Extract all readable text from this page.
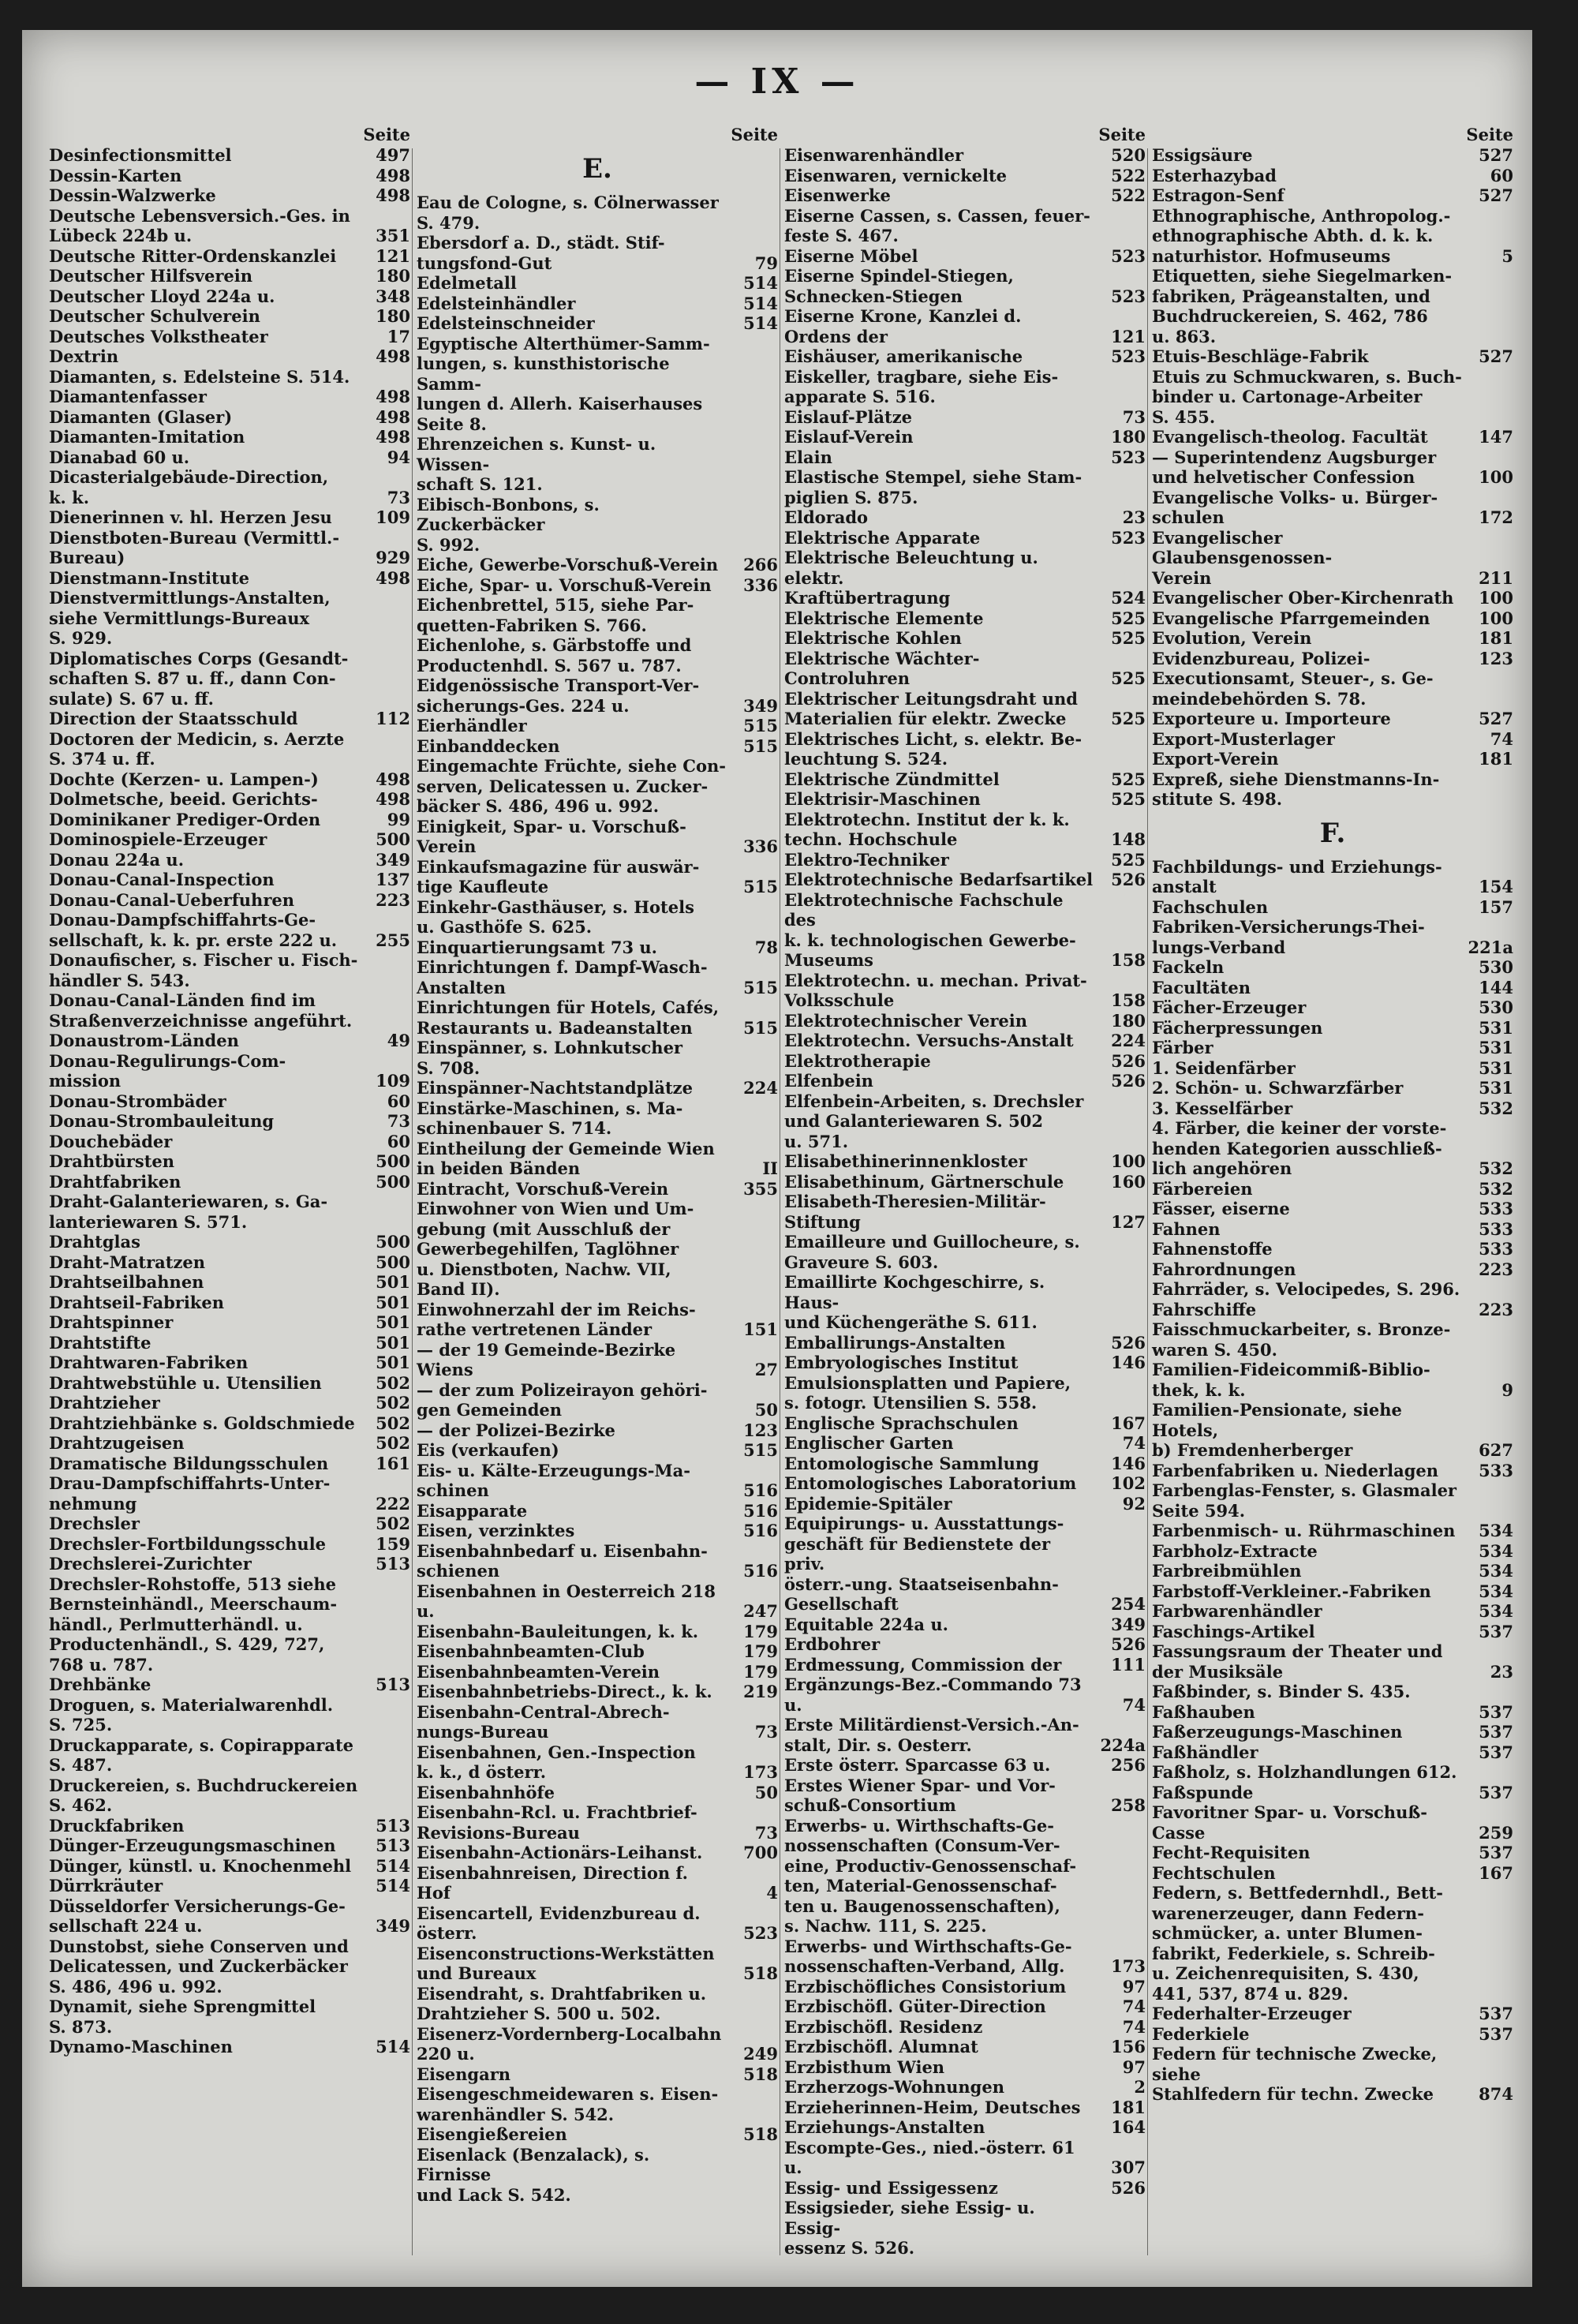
— IX —
Seite
Desinfectionsmittel	497
Dessin-Karten	498
Dessin-Walzwerke	498
Deutsche Lebensversich.-Ges. in
Lübeck 224b u.	351
Deutsche Ritter-Ordenskanzlei	121
Deutscher Hilfsverein	180
Deutscher Lloyd 224a u.	348
Deutscher Schulverein	180
Deutsches Volkstheater	17
Dextrin	498
Diamanten, s. Edelsteine S. 514.
Diamantenfasser	498
Diamanten (Glaser)	498
Diamanten-Imitation	498
Dianabad 60 u.	94
Dicasterialgebäude-Direction,
k. k.	73
Dienerinnen v. hl. Herzen Jesu	109
Dienstboten-Bureau (Vermittl.-
Bureau)	929
Dienstmann-Institute	498
Dienstvermittlungs-Anstalten,
siehe Vermittlungs-Bureaux
S. 929.
Diplomatisches Corps (Gesandt-
schaften S. 87 u. ff., dann Con-
sulate) S. 67 u. ff.
Direction der Staatsschuld	112
Doctoren der Medicin, s. Aerzte
S. 374 u. ff.
Dochte (Kerzen- u. Lampen-)	498
Dolmetsche, beeid. Gerichts-	498
Dominikaner Prediger-Orden	99
Dominospiele-Erzeuger	500
Donau 224a u.	349
Donau-Canal-Inspection	137
Donau-Canal-Ueberfuhren	223
Donau-Dampfschiffahrts-Ge-
sellschaft, k. k. pr. erste 222 u.	255
Donaufischer, s. Fischer u. Fisch-
händler S. 543.
Donau-Canal-Länden find im
Straßenverzeichnisse angeführt.
Donaustrom-Länden	49
Donau-Regulirungs-Com-
mission	109
Donau-Strombäder	60
Donau-Strombauleitung	73
Douchebäder	60
Drahtbürsten	500
Drahtfabriken	500
Draht-Galanteriewaren, s. Ga-
lanteriewaren S. 571.
Drahtglas	500
Draht-Matratzen	500
Drahtseilbahnen	501
Drahtseil-Fabriken	501
Drahtspinner	501
Drahtstifte	501
Drahtwaren-Fabriken	501
Drahtwebstühle u. Utensilien	502
Drahtzieher	502
Drahtziehbänke s. Goldschmiede	502
Drahtzugeisen	502
Dramatische Bildungsschulen	161
Drau-Dampfschiffahrts-Unter-
nehmung	222
Drechsler	502
Drechsler-Fortbildungsschule	159
Drechslerei-Zurichter	513
Drechsler-Rohstoffe, 513 siehe
Bernsteinhändl., Meerschaum-
händl., Perlmutterhändl. u.
Productenhändl., S. 429, 727,
768 u. 787.
Drehbänke	513
Droguen, s. Materialwarenhdl.
S. 725.
Druckapparate, s. Copirapparate
S. 487.
Druckereien, s. Buchdruckereien
S. 462.
Druckfabriken	513
Dünger-Erzeugungsmaschinen	513
Dünger, künstl. u. Knochenmehl	514
Dürrkräuter	514
Düsseldorfer Versicherungs-Ge-
sellschaft 224 u.	349
Dunstobst, siehe Conserven und
Delicatessen, und Zuckerbäcker
S. 486, 496 u. 992.
Dynamit, siehe Sprengmittel
S. 873.
Dynamo-Maschinen	514
Seite
E.
Eau de Cologne, s. Cölnerwasser
S. 479.
Ebersdorf a. D., städt. Stif-
tungsfond-Gut	79
Edelmetall	514
Edelsteinhändler	514
Edelsteinschneider	514
Egyptische Alterthümer-Samm-
lungen, s. kunsthistorische Samm-
lungen d. Allerh. Kaiserhauses
Seite 8.
Ehrenzeichen s. Kunst- u. Wissen-
schaft S. 121.
Eibisch-Bonbons, s. Zuckerbäcker
S. 992.
Eiche, Gewerbe-Vorschuß-Verein	266
Eiche, Spar- u. Vorschuß-Verein	336
Eichenbrettel, 515, siehe Par-
quetten-Fabriken S. 766.
Eichenlohe, s. Gärbstoffe und
Productenhdl. S. 567 u. 787.
Eidgenössische Transport-Ver-
sicherungs-Ges. 224 u.	349
Eierhändler	515
Einbanddecken	515
Eingemachte Früchte, siehe Con-
serven, Delicatessen u. Zucker-
bäcker S. 486, 496 u. 992.
Einigkeit, Spar- u. Vorschuß-
Verein	336
Einkaufsmagazine für auswär-
tige Kaufleute	515
Einkehr-Gasthäuser, s. Hotels
u. Gasthöfe S. 625.
Einquartierungsamt 73 u.	78
Einrichtungen f. Dampf-Wasch-
Anstalten	515
Einrichtungen für Hotels, Cafés,
Restaurants u. Badeanstalten	515
Einspänner, s. Lohnkutscher
S. 708.
Einspänner-Nachtstandplätze	224
Einstärke-Maschinen, s. Ma-
schinenbauer S. 714.
Eintheilung der Gemeinde Wien
in beiden Bänden	II
Eintracht, Vorschuß-Verein	355
Einwohner von Wien und Um-
gebung (mit Ausschluß der
Gewerbegehilfen, Taglöhner
u. Dienstboten, Nachw. VII,
Band II).
Einwohnerzahl der im Reichs-
rathe vertretenen Länder	151
— der 19 Gemeinde-Bezirke
Wiens	27
— der zum Polizeirayon gehöri-
gen Gemeinden	50
— der Polizei-Bezirke	123
Eis (verkaufen)	515
Eis- u. Kälte-Erzeugungs-Ma-
schinen	516
Eisapparate	516
Eisen, verzinktes	516
Eisenbahnbedarf u. Eisenbahn-
schienen	516
Eisenbahnen in Oesterreich 218 u.	247
Eisenbahn-Bauleitungen, k. k.	179
Eisenbahnbeamten-Club	179
Eisenbahnbeamten-Verein	179
Eisenbahnbetriebs-Direct., k. k.	219
Eisenbahn-Central-Abrech-
nungs-Bureau	73
Eisenbahnen, Gen.-Inspection
k. k., d österr.	173
Eisenbahnhöfe	50
Eisenbahn-Rcl. u. Frachtbrief-
Revisions-Bureau	73
Eisenbahn-Actionärs-Leihanst.	700
Eisenbahnreisen, Direction f. Hof	4
Eisencartell, Evidenzbureau d.
österr.	523
Eisenconstructions-Werkstätten
und Bureaux	518
Eisendraht, s. Drahtfabriken u.
Drahtzieher S. 500 u. 502.
Eisenerz-Vordernberg-Localbahn
220 u.	249
Eisengarn	518
Eisengeschmeidewaren s. Eisen-
warenhändler S. 542.
Eisengießereien	518
Eisenlack (Benzalack), s. Firnisse
und Lack S. 542.
Seite
Eisenwarenhändler	520
Eisenwaren, vernickelte	522
Eisenwerke	522
Eiserne Cassen, s. Cassen, feuer-
feste S. 467.
Eiserne Möbel	523
Eiserne Spindel-Stiegen,
Schnecken-Stiegen	523
Eiserne Krone, Kanzlei d.
Ordens der	121
Eishäuser, amerikanische	523
Eiskeller, tragbare, siehe Eis-
apparate S. 516.
Eislauf-Plätze	73
Eislauf-Verein	180
Elain	523
Elastische Stempel, siehe Stam-
piglien S. 875.
Eldorado	23
Elektrische Apparate	523
Elektrische Beleuchtung u. elektr.
Kraftübertragung	524
Elektrische Elemente	525
Elektrische Kohlen	525
Elektrische Wächter-Controluhren	525
Elektrischer Leitungsdraht und
Materialien für elektr. Zwecke	525
Elektrisches Licht, s. elektr. Be-
leuchtung S. 524.
Elektrische Zündmittel	525
Elektrisir-Maschinen	525
Elektrotechn. Institut der k. k.
techn. Hochschule	148
Elektro-Techniker	525
Elektrotechnische Bedarfsartikel	526
Elektrotechnische Fachschule des
k. k. technologischen Gewerbe-
Museums	158
Elektrotechn. u. mechan. Privat-
Volksschule	158
Elektrotechnischer Verein	180
Elektrotechn. Versuchs-Anstalt	224
Elektrotherapie	526
Elfenbein	526
Elfenbein-Arbeiten, s. Drechsler
und Galanteriewaren S. 502
u. 571.
Elisabethinerinnenkloster	100
Elisabethinum, Gärtnerschule	160
Elisabeth-Theresien-Militär-
Stiftung	127
Emailleure und Guillocheure, s.
Graveure S. 603.
Emaillirte Kochgeschirre, s. Haus-
und Küchengeräthe S. 611.
Emballirungs-Anstalten	526
Embryologisches Institut	146
Emulsionsplatten und Papiere,
s. fotogr. Utensilien S. 558.
Englische Sprachschulen	167
Englischer Garten	74
Entomologische Sammlung	146
Entomologisches Laboratorium	102
Epidemie-Spitäler	92
Equipirungs- u. Ausstattungs-
geschäft für Bedienstete der priv.
österr.-ung. Staatseisenbahn-
Gesellschaft	254
Equitable 224a u.	349
Erdbohrer	526
Erdmessung, Commission der	111
Ergänzungs-Bez.-Commando 73 u.	74
Erste Militärdienst-Versich.-An-
stalt, Dir. s. Oesterr.	224a
Erste österr. Sparcasse 63 u.	256
Erstes Wiener Spar- und Vor-
schuß-Consortium	258
Erwerbs- u. Wirthschafts-Ge-
nossenschaften (Consum-Ver-
eine, Productiv-Genossenschaf-
ten, Material-Genossenschaf-
ten u. Baugenossenschaften),
s. Nachw. 111, S. 225.
Erwerbs- und Wirthschafts-Ge-
nossenschaften-Verband, Allg.	173
Erzbischöfliches Consistorium	97
Erzbischöfl. Güter-Direction	74
Erzbischöfl. Residenz	74
Erzbischöfl. Alumnat	156
Erzbisthum Wien	97
Erzherzogs-Wohnungen	2
Erzieherinnen-Heim, Deutsches	181
Erziehungs-Anstalten	164
Escompte-Ges., nied.-österr. 61 u.	307
Essig- und Essigessenz	526
Essigsieder, siehe Essig- u. Essig-
essenz S. 526.
Seite
Essigsäure	527
Esterhazybad	60
Estragon-Senf	527
Ethnographische, Anthropolog.-
ethnographische Abth. d. k. k.
naturhistor. Hofmuseums	5
Etiquetten, siehe Siegelmarken-
fabriken, Prägeanstalten, und
Buchdruckereien, S. 462, 786
u. 863.
Etuis-Beschläge-Fabrik	527
Etuis zu Schmuckwaren, s. Buch-
binder u. Cartonage-Arbeiter
S. 455.
Evangelisch-theolog. Facultät	147
— Superintendenz Augsburger
und helvetischer Confession	100
Evangelische Volks- u. Bürger-
schulen	172
Evangelischer Glaubensgenossen-
Verein	211
Evangelischer Ober-Kirchenrath	100
Evangelische Pfarrgemeinden	100
Evolution, Verein	181
Evidenzbureau, Polizei-	123
Executionsamt, Steuer-, s. Ge-
meindebehörden S. 78.
Exporteure u. Importeure	527
Export-Musterlager	74
Export-Verein	181
Expreß, siehe Dienstmanns-In-
stitute S. 498.
F.
Fachbildungs- und Erziehungs-
anstalt	154
Fachschulen	157
Fabriken-Versicherungs-Thei-
lungs-Verband	221a
Fackeln	530
Facultäten	144
Fächer-Erzeuger	530
Fächerpressungen	531
Färber	531
1. Seidenfärber	531
2. Schön- u. Schwarzfärber	531
3. Kesselfärber	532
4. Färber, die keiner der vorste-
henden Kategorien ausschließ-
lich angehören	532
Färbereien	532
Fässer, eiserne	533
Fahnen	533
Fahnenstoffe	533
Fahrordnungen	223
Fahrräder, s. Velocipedes, S. 296.
Fahrschiffe	223
Faisschmuckarbeiter, s. Bronze-
waren S. 450.
Familien-Fideicommiß-Biblio-
thek, k. k.	9
Familien-Pensionate, siehe Hotels,
b) Fremdenherberger	627
Farbenfabriken u. Niederlagen	533
Farbenglas-Fenster, s. Glasmaler
Seite 594.
Farbenmisch- u. Rührmaschinen	534
Farbholz-Extracte	534
Farbreibmühlen	534
Farbstoff-Verkleiner.-Fabriken	534
Farbwarenhändler	534
Faschings-Artikel	537
Fassungsraum der Theater und
der Musiksäle	23
Faßbinder, s. Binder S. 435.
Faßhauben	537
Faßerzeugungs-Maschinen	537
Faßhändler	537
Faßholz, s. Holzhandlungen 612.
Faßspunde	537
Favoritner Spar- u. Vorschuß-
Casse	259
Fecht-Requisiten	537
Fechtschulen	167
Federn, s. Bettfedernhdl., Bett-
warenerzeuger, dann Federn-
schmücker, a. unter Blumen-
fabrikt, Federkiele, s. Schreib-
u. Zeichenrequisiten, S. 430,
441, 537, 874 u. 829.
Federhalter-Erzeuger	537
Federkiele	537
Federn für technische Zwecke, siehe
Stahlfedern für techn. Zwecke	874
